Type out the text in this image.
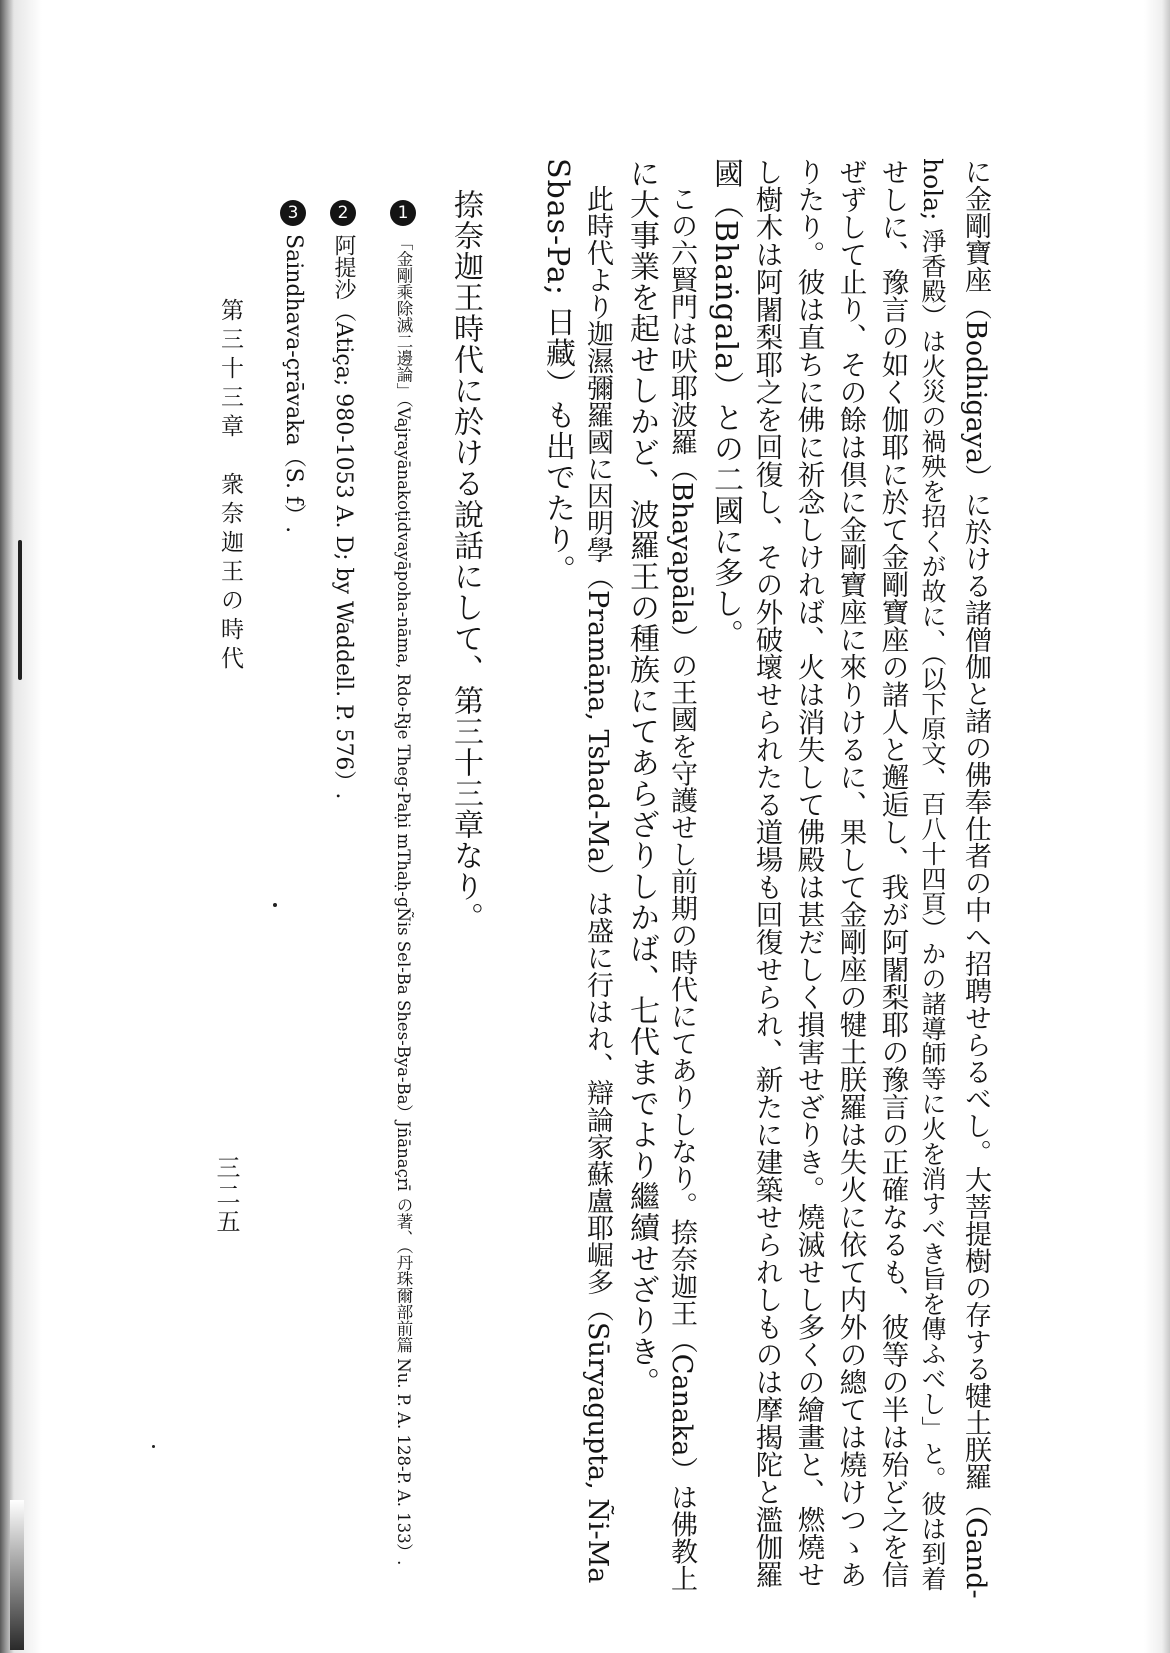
に金剛寶座（Bodhigaya）に於ける諸僧伽と諸の佛奉仕者の中へ招聘せらるべし。大菩提樹の存する犍土朕羅（Gand-
hola; 淨香殿）は火災の禍殃を招くが故に、（以下原文、百八十四頁）かの諸導師等に火を消すべき旨を傳ふべし」と。彼は到着
せしに、豫言の如く伽耶に於て金剛寶座の諸人と邂逅し、我が阿闍梨耶の豫言の正確なるも、彼等の半は殆ど之を信
ぜずして止り、その餘は倶に金剛寶座に來りけるに、果して金剛座の犍土朕羅は失火に依て内外の總ては燒けつゝあ
りたり。彼は直ちに佛に祈念しければ、火は消失して佛殿は甚だしく損害せざりき。燒滅せし多くの繪畫と、燃燒せ
し樹木は阿闍梨耶之を回復し、その外破壞せられたる道場も回復せられ、新たに建築せられしものは摩揭陀と濫伽羅
國（Bhaṅgala）との二國に多し。
　この六賢門は吠耶波羅（Bhayapāla）の王國を守護せし前期の時代にてありしなり。捺奈迦王（Canaka）は佛教上
に大事業を起せしかど、波羅王の種族にてあらざりしかば、七代までより繼續せざりき。
　此時代より迦濕彌羅國に因明學（Pramāṇa, Tshad-Ma）は盛に行はれ、辯論家蘇盧耶崛多（Sūryagupta, Ñi-Ma
Sbas-Pa; 日藏）も出でたり。
　捺奈迦王時代に於ける說話にして、第三十三章なり。
1「金剛乘除滅二邊論」（Vajrayānakoṭidvayāpoha-nāma, Rdo-Rje Theg-Paḥi mThaḥ-gÑis Sel-Ba Shes-Bya-Ba）Jñānaçrī の著、（丹珠爾部前篇 Nu. P. A. 128-P. A. 133）.
2阿提沙（Atiça; 980-1053 A. D; by Waddell. P. 576）.
3Saindhava-çrāvaka（S. f）.
第三十三章　衆奈迦王の時代
三二五
